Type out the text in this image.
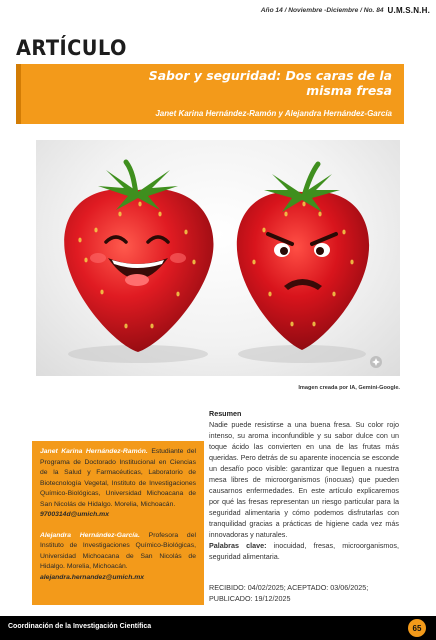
Año 14 / Noviembre -Diciembre / No. 84 U.M.S.N.H.
ARTÍCULO
Sabor y seguridad: Dos caras de la misma fresa
Janet Karina Hernández-Ramón y Alejandra Hernández-García
Imagen creada por IA, Gemini-Google.

Janet Karina Hernández-Ramón. Estudiante del Programa de Doctorado Institucional en Ciencias de la Salud y Farmacéuticas, Laboratorio de Biotecnología Vegetal, Instituto de Investigaciones Químico-Biológicas, Universidad Michoacana de San Nicolás de Hidalgo. Morelia, Michoacán.
9700314d@umich.mx

Alejandra Hernández-García. Profesora del Instituto de Investigaciones Químico-Biológicas, Universidad Michoacana de San Nicolás de Hidalgo. Morelia, Michoacán.
alejandra.hernandez@umich.mx

Resumen

Nadie puede resistirse a una buena fresa. Su color rojo intenso, su aroma inconfundible y su sabor dulce con un toque ácido las convierten en una de las frutas más queridas. Pero detrás de su aparente inocencia se esconde un desafío poco visible: garantizar que lleguen a nuestra mesa libres de microorganismos (inocuas) que pueden causarnos enfermedades. En este artículo explicaremos por qué las fresas representan un riesgo particular para la seguridad alimentaria y cómo podemos disfrutarlas con tranquilidad gracias a prácticas de higiene cada vez más innovadoras y naturales.

Palabras clave: inocuidad, fresas, microorganismos, seguridad alimentaria.

RECIBIDO: 04/02/2025; ACEPTADO: 03/06/2025;
PUBLICADO: 19/12/2025
Coordinación de la Investigación Científica	65
